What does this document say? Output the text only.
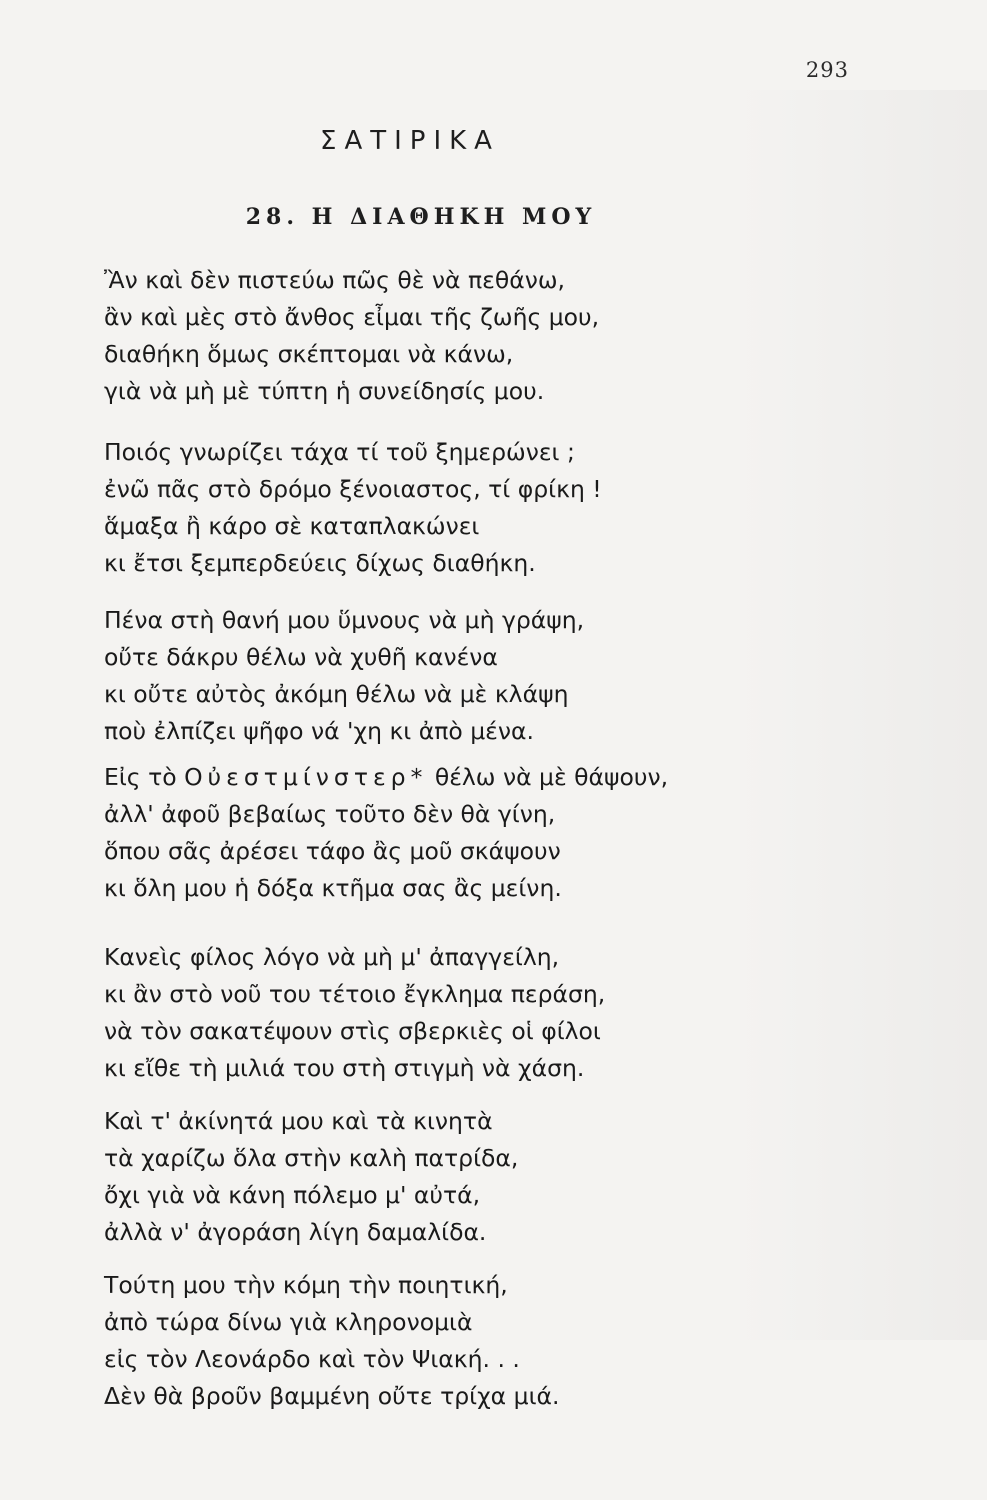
293
ΣΑΤΙΡΙΚΑ
28. Η ΔΙΑΘΗΚΗ ΜΟΥ
Ἂν καὶ δὲν πιστεύω πῶς θὲ νὰ πεθάνω,
ἂν καὶ μὲς στὸ ἄνθος εἶμαι τῆς ζωῆς μου,
διαθήκη ὅμως σκέπτομαι νὰ κάνω,
γιὰ νὰ μὴ μὲ τύπτη ἡ συνείδησίς μου.
Ποιός γνωρίζει τάχα τί τοῦ ξημερώνει ;
ἐνῶ πᾶς στὸ δρόμο ξένοιαστος, τί φρίκη !
ἅμαξα ἢ κάρο σὲ καταπλακώνει
κι ἔτσι ξεμπερδεύεις δίχως διαθήκη.
Πένα στὴ θανή μου ὕμνους νὰ μὴ γράψη,
οὔτε δάκρυ θέλω νὰ χυθῆ κανένα
κι οὔτε αὐτὸς ἀκόμη θέλω νὰ μὲ κλάψη
ποὺ ἐλπίζει ψῆφο νά 'χη κι ἀπὸ μένα.
Εἰς τὸ Οὐεστμίνστερ* θέλω νὰ μὲ θάψουν,
ἀλλ' ἀφοῦ βεβαίως τοῦτο δὲν θὰ γίνη,
ὅπου σᾶς ἀρέσει τάφο ἂς μοῦ σκάψουν
κι ὅλη μου ἡ δόξα κτῆμα σας ἂς μείνη.
Κανεὶς φίλος λόγο νὰ μὴ μ' ἀπαγγείλη,
κι ἂν στὸ νοῦ του τέτοιο ἔγκλημα περάση,
νὰ τὸν σακατέψουν στὶς σβερκιὲς οἱ φίλοι
κι εἴθε τὴ μιλιά του στὴ στιγμὴ νὰ χάση.
Καὶ τ' ἀκίνητά μου καὶ τὰ κινητὰ
τὰ χαρίζω ὅλα στὴν καλὴ πατρίδα,
ὄχι γιὰ νὰ κάνη πόλεμο μ' αὐτά,
ἀλλὰ ν' ἀγοράση λίγη δαμαλίδα.
Τούτη μου τὴν κόμη τὴν ποιητική,
ἀπὸ τώρα δίνω γιὰ κληρονομιὰ
εἰς τὸν Λεονάρδο καὶ τὸν Ψιακή. . .
Δὲν θὰ βροῦν βαμμένη οὔτε τρίχα μιά.
